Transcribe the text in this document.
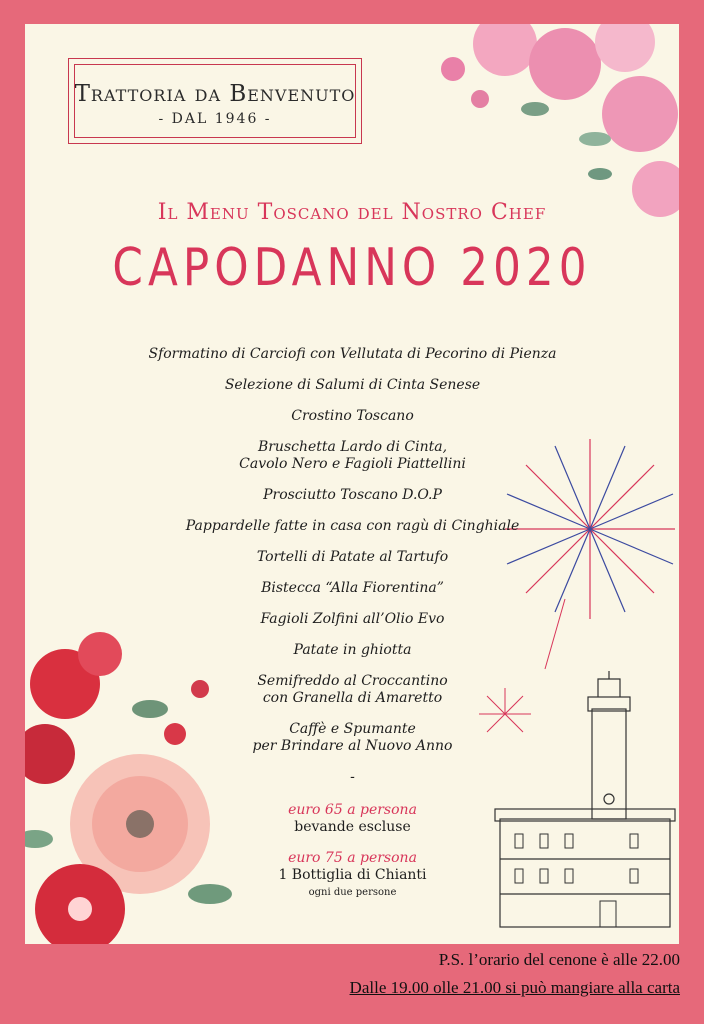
Trattoria da Benvenuto
- DAL 1946 -
Il Menu Toscano del Nostro Chef
CAPODANNO 2020
Sformatino di Carciofi con Vellutata di Pecorino di Pienza
Selezione di Salumi di Cinta Senese
Crostino Toscano
Bruschetta Lardo di Cinta,
Cavolo Nero e Fagioli Piattellini
Prosciutto Toscano D.O.P
Pappardelle fatte in casa con ragù di Cinghiale
Tortelli di Patate al Tartufo
Bistecca “Alla Fiorentina”
Fagioli Zolfini all’Olio Evo
Patate in ghiotta
Semifreddo al Croccantino
con Granella di Amaretto
Caffè e Spumante
per Brindare al Nuovo Anno
-
euro 65 a persona
bevande escluse
euro 75 a persona
1 Bottiglia di Chianti
ogni due persone
P.S. l’orario del cenone è alle 22.00
Dalle 19.00 olle 21.00 si può mangiare alla carta
